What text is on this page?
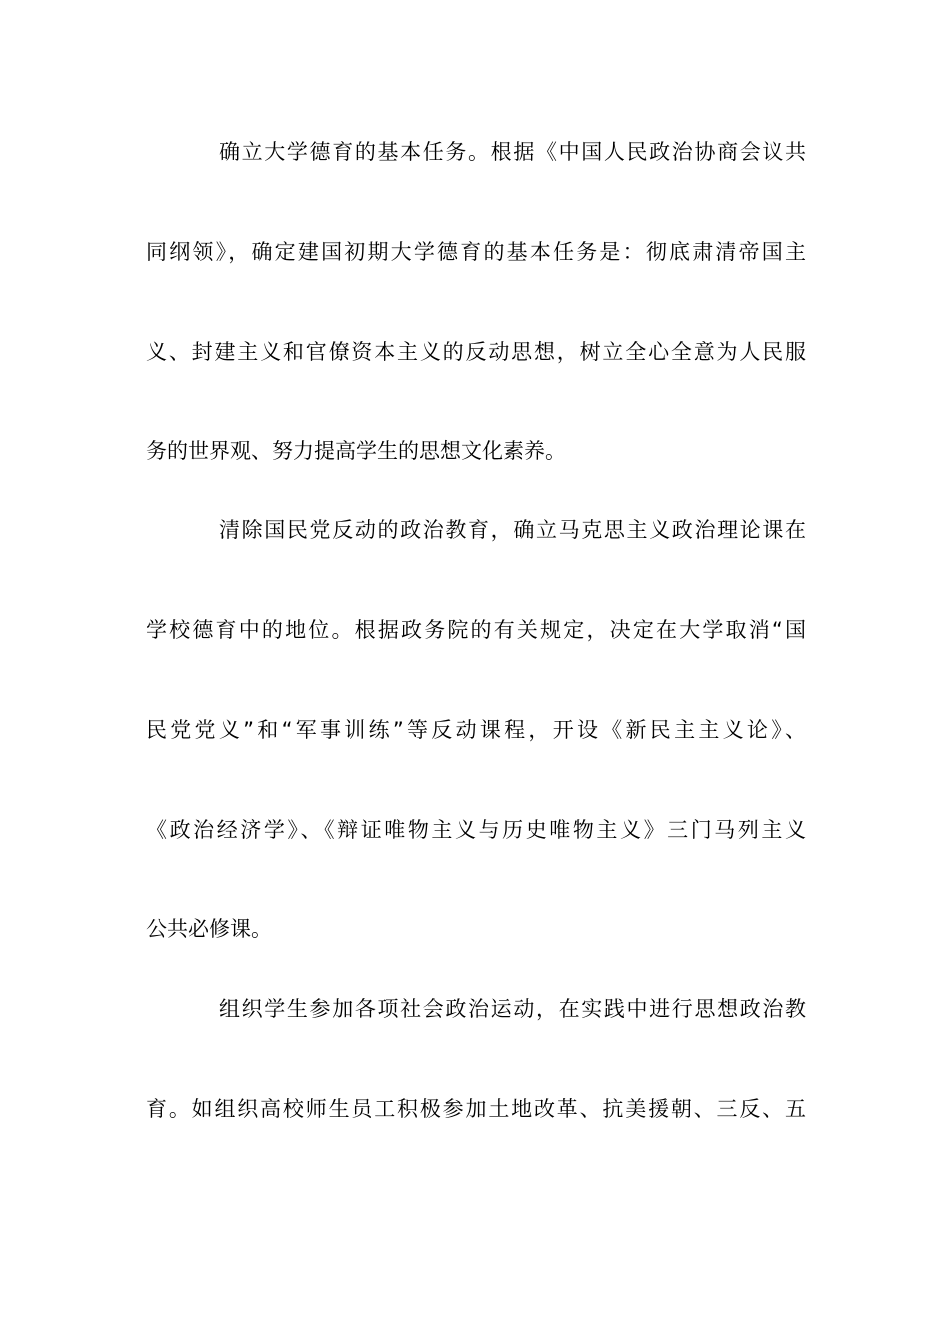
确立大学德育的基本任务。根据《中国人民政治协商会议共
同纲领》，确定建国初期大学德育的基本任务是：彻底肃清帝国主
义、封建主义和官僚资本主义的反动思想，树立全心全意为人民服
务的世界观、努力提高学生的思想文化素养。
清除国民党反动的政治教育，确立马克思主义政治理论课在
学校德育中的地位。根据政务院的有关规定，决定在大学取消“国
民党党义”和“军事训练”等反动课程，开设《新民主主义论》、
《政治经济学》、《辩证唯物主义与历史唯物主义》三门马列主义
公共必修课。
组织学生参加各项社会政治运动，在实践中进行思想政治教
育。如组织高校师生员工积极参加土地改革、抗美援朝、三反、五
